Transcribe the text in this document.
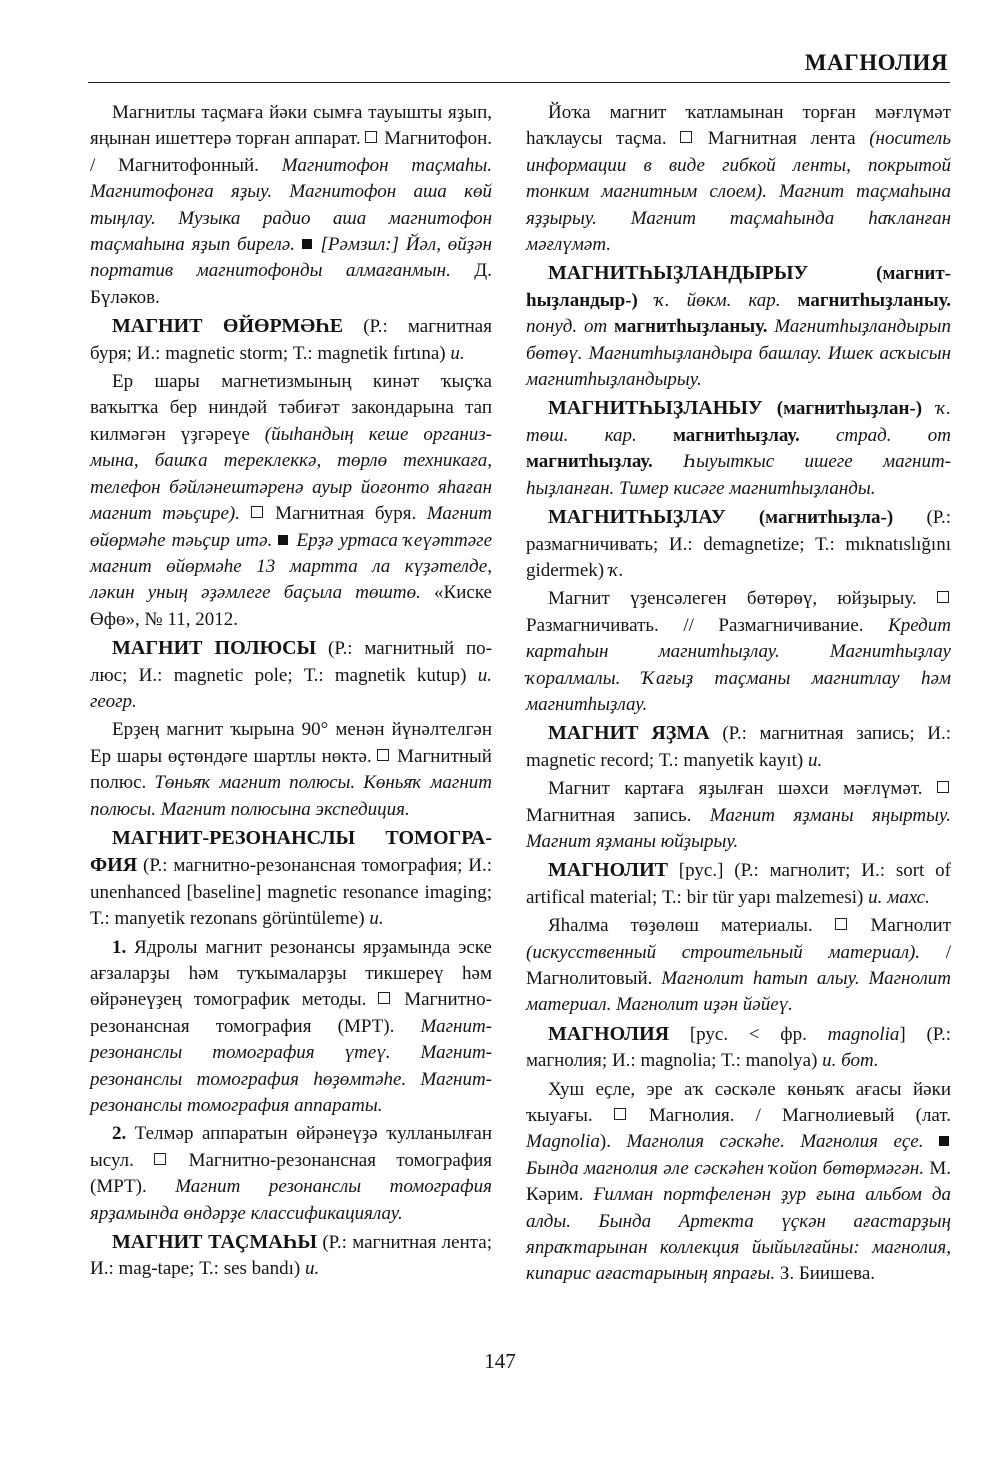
МАГНОЛИЯ

Магнитлы таҫмаға йәки сымға тауышты яҙып, яңынан ишеттерә торған аппарат.  Магнитофон. / Магнитофонный. Магнитофон таҫмаһы. Магнитофонға яҙыу. Магнитофон аша көй тыңлау. Музыка радио аша магнитофон таҫмаһына яҙып бирелә. [Рәмзил:] Йәл, өйҙән портатив магнитофонды алмағанмын. Д. Бүләков.

МАГНИТ ӨЙӨРМӘҺЕ (Р.: магнитная буря; И.: magnetic storm; Т.: magnetik fırtına) и.

Ер шары магнетизмының кинәт ҡыҫҡа ваҡытҡа бер ниндәй тәбиғәт закондарына тап килмәгән үҙгәреүе (йыһандың кеше организмына, башҡа тереклеккә, төрлө техникаға, телефон бәйләнештәренә ауыр йоғонто яһаған магнит тәьҫире).  Магнитная буря. Магнит өйөрмәһе тәьҫир итә. Ерҙә уртаса ҡеүәттәге магнит өйөрмәһе 13 мартта ла күҙәтелде, ләкин уның әҙәмлеге баҫыла төштө. «Киске Өфө», № 11, 2012.

МАГНИТ ПОЛЮСЫ (Р.: магнитный полюс; И.: magnetic pole; Т.: magnetik kutup) и. геогр.

Ерҙең магнит ҡырына 90° менән йүнәлтелгән Ер шары өҫтөндәге шартлы нөктә.  Магнитный полюс. Төньяҡ магнит полюсы. Көньяҡ магнит полюсы. Магнит полюсына экспедиция.

МАГНИТ-РЕЗОНАНСЛЫ ТОМОГРАФИЯ (Р.: магнитно-резонансная томография; И.: unenhanced [baseline] magnetic resonance imaging; Т.: manyetik rezonans görüntüleme) и.

1. Ядролы магнит резонансы ярҙамында эске ағзаларҙы һәм туҡымаларҙы тикшереү һәм өйрәнеүҙең томографик методы.  Магнитно-резонансная томография (МРТ). Магнит-резонанслы томография үтеү. Магнит-резонанслы томография һөҙөмтәһе. Магнит-резонанслы томография аппараты.

2. Телмәр аппаратын өйрәнеүҙә ҡулланылған ысул.  Магнитно-резонансная томография (МРТ). Магнит резонанслы томография ярҙамында өндәрҙе классификациялау.

МАГНИТ ТАҪМАҺЫ (Р.: магнитная лента; И.: mag-tape; Т.: ses bandı) и.

Йоҡа магнит ҡатламынан торған мәғлүмәт һаҡлаусы таҫма.  Магнитная лента (носитель информации в виде гибкой ленты, покрытой тонким магнитным слоем). Магнит таҫмаһына яҙҙырыу. Магнит таҫмаһында һаҡланған мәғлүмәт.

МАГНИТҺЫҘЛАНДЫРЫУ (магнитһыҙландыр-) ҡ. йөкм. кар. магнитһыҙланыу. понуд. от магнитһыҙланыу. Магнитһыҙландырып бөтөү. Магнитһыҙландыра башлау. Ишек асҡысын магнитһыҙландырыу.

МАГНИТҺЫҘЛАНЫУ (магнитһыҙлан-) ҡ. төш. кар. магнитһыҙлау. страд. от магнитһыҙлау. Һыуыткыс ишеге магнитһыҙланған. Тимер кисәге магнитһыҙланды.

МАГНИТҺЫҘЛАУ (магнитһыҙла-) (Р.: размагничивать; И.: demagnetize; Т.: mıknatıslığını gidermek) ҡ.

Магнит үҙенсәлеген бөтөрөү, юйҙырыу.  Размагничивать. // Размагничивание. Кредит картаһын магнитһыҙлау. Магнитһыҙлау ҡоралмалы. Ҡағыҙ таҫманы магнитлау һәм магнитһыҙлау.

МАГНИТ ЯҘМА (Р.: магнитная запись; И.: magnetic record; Т.: manyetik kayıt) и.

Магнит картаға яҙылған шәхси мәғлүмәт.  Магнитная запись. Магнит яҙманы яңыртыу. Магнит яҙманы юйҙырыу.

МАГНОЛИТ [рус.] (Р.: магнолит; И.: sort of artifical material; Т.: bir tür yapı malzemesi) и. махс.

Яһалма төҙөлөш материалы.  Магнолит (искусственный строительный материал). / Магнолитовый. Магнолит һатып алыу. Магнолит материал. Магнолит иҙән йәйеү.

МАГНОЛИЯ [рус. < фр. magnolia] (Р.: магнолия; И.: magnolia; Т.: manolya) и. бот.

Хуш еҫле, эре аҡ сәскәле көньяҡ ағасы йәки ҡыуағы.  Магнолия. / Магнолиевый (лат. Magnolia). Магнолия сәскәһе. Магнолия еҫе.  Бында магнолия әле сәскәһен ҡойоп бөтөрмәгән. М. Кәрим. Ғилман портфеленән ҙур ғына альбом да алды. Бында Артекта үҫкән ағастарҙың япраҡтарынан коллекция йыйылғайны: магнолия, кипарис ағастарының япрағы. З. Биишева.

147
